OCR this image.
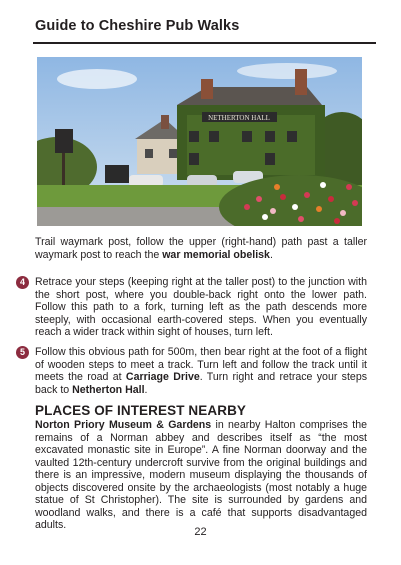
Guide to Cheshire Pub Walks
NETHERTON HALL
Trail waymark post, follow the upper (right-hand) path past a taller waymark post to reach the war memorial obelisk.
4 Retrace your steps (keeping right at the taller post) to the junction with the short post, where you double-back right onto the lower path. Follow this path to a fork, turning left as the path descends more steeply, with occasional earth-covered steps. When you eventually reach a wider track within sight of houses, turn left.
5 Follow this obvious path for 500m, then bear right at the foot of a flight of wooden steps to meet a track. Turn left and follow the track until it meets the road at Carriage Drive. Turn right and retrace your steps back to Netherton Hall.
PLACES OF INTEREST NEARBY
Norton Priory Museum & Gardens in nearby Halton comprises the remains of a Norman abbey and describes itself as “the most excavated monastic site in Europe”. A fine Norman doorway and the vaulted 12th-century undercroft survive from the original buildings and there is an impressive, modern museum displaying the thousands of objects discovered onsite by the archaeologists (most notably a huge statue of St Christopher). The site is surrounded by gardens and woodland walks, and there is a café that supports disadvantaged adults.
22
